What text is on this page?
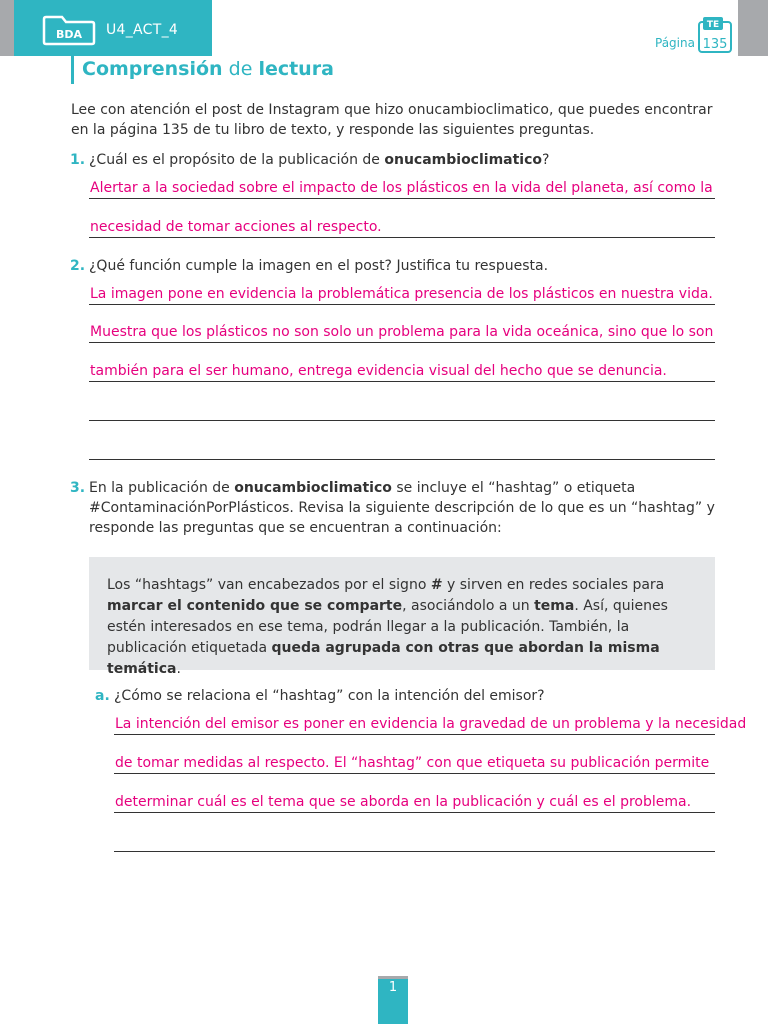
BDA U4_ACT_4
Página
TE
135
Comprensión de lectura
Lee con atención el post de Instagram que hizo onucambioclimatico, que puedes encontrar en la página 135 de tu libro de texto, y responde las siguientes preguntas.
1. ¿Cuál es el propósito de la publicación de onucambioclimatico?
Alertar a la sociedad sobre el impacto de los plásticos en la vida del planeta, así como la
necesidad de tomar acciones al respecto.
2. ¿Qué función cumple la imagen en el post? Justifica tu respuesta.
La imagen pone en evidencia la problemática presencia de los plásticos en nuestra vida.
Muestra que los plásticos no son solo un problema para la vida oceánica, sino que lo son
también para el ser humano, entrega evidencia visual del hecho que se denuncia.
3. En la publicación de onucambioclimatico se incluye el “hashtag” o etiqueta #ContaminaciónPorPlásticos. Revisa la siguiente descripción de lo que es un “hashtag” y responde las preguntas que se encuentran a continuación:
Los “hashtags” van encabezados por el signo # y sirven en redes sociales para marcar el contenido que se comparte, asociándolo a un tema. Así, quienes estén interesados en ese tema, podrán llegar a la publicación. También, la publicación etiquetada queda agrupada con otras que abordan la misma temática.
a. ¿Cómo se relaciona el “hashtag” con la intención del emisor?
La intención del emisor es poner en evidencia la gravedad de un problema y la necesidad
de tomar medidas al respecto. El “hashtag” con que etiqueta su publicación permite
determinar cuál es el tema que se aborda en la publicación y cuál es el problema.
1
